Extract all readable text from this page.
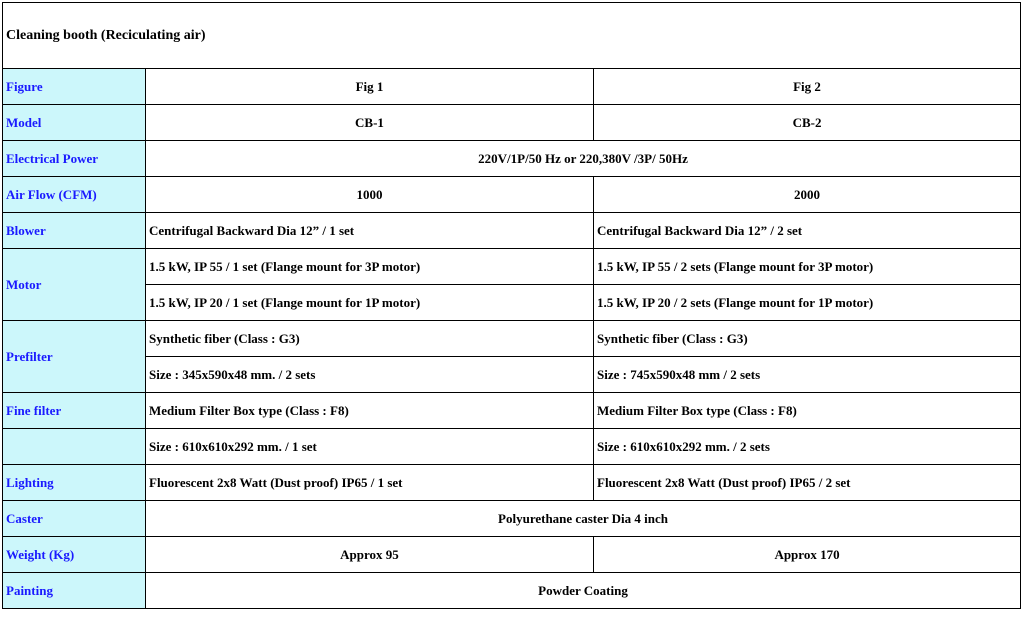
Cleaning booth (Reciculating air)		
Figure	Fig 1	Fig 2
Model	CB-1	CB-2
Electrical Power	220V/1P/50 Hz or 220,380V /3P/ 50Hz	
Air Flow (CFM)	1000	2000
Blower	Centrifugal Backward Dia 12” / 1 set	Centrifugal Backward Dia 12” / 2 set
Motor	1.5 kW, IP 55 / 1 set (Flange mount for 3P motor)	1.5 kW, IP 55 / 2 sets (Flange mount for 3P motor)
	1.5 kW, IP 20 / 1 set (Flange mount for 1P motor)	1.5 kW, IP 20 / 2 sets (Flange mount for 1P motor)
Prefilter	Synthetic fiber (Class : G3)	Synthetic fiber (Class : G3)
	Size : 345x590x48 mm. / 2 sets	Size : 745x590x48 mm / 2 sets
Fine filter	Medium Filter Box type (Class : F8)	Medium Filter Box type (Class : F8)
	Size : 610x610x292 mm. / 1 set	Size : 610x610x292 mm. / 2 sets
Lighting	Fluorescent 2x8 Watt (Dust proof) IP65 / 1 set	Fluorescent 2x8 Watt (Dust proof) IP65 / 2 set
Caster	Polyurethane caster Dia 4 inch	
Weight (Kg)	Approx 95	Approx 170
Painting	Powder Coating	
